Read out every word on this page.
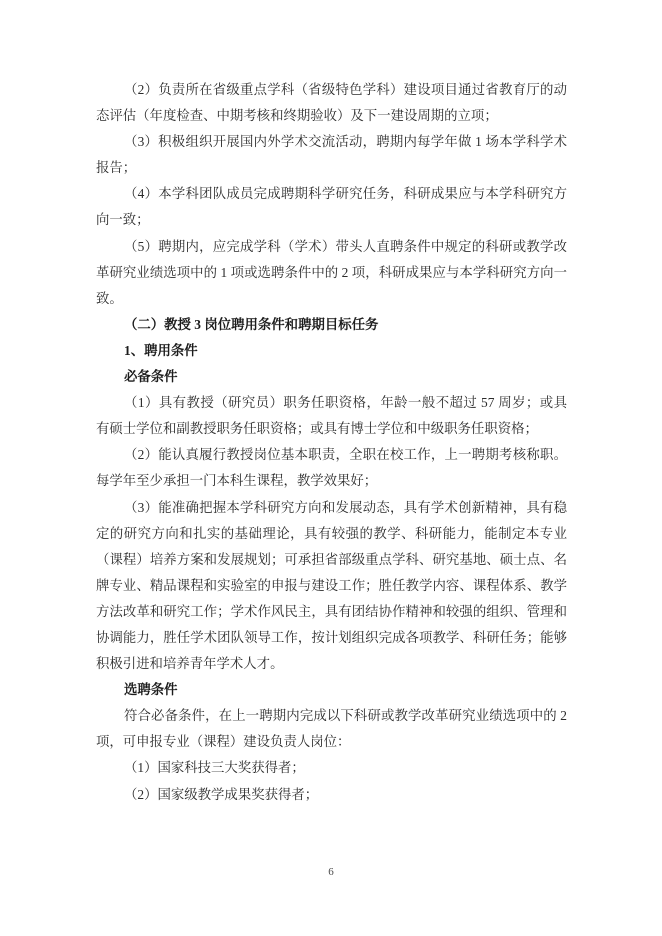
（2）负责所在省级重点学科（省级特色学科）建设项目通过省教育厅的动
态评估（年度检查、中期考核和终期验收）及下一建设周期的立项；
（3）积极组织开展国内外学术交流活动，聘期内每学年做 1 场本学科学术
报告；
（4）本学科团队成员完成聘期科学研究任务，科研成果应与本学科研究方
向一致；
（5）聘期内，应完成学科（学术）带头人直聘条件中规定的科研或教学改
革研究业绩选项中的 1 项或选聘条件中的 2 项，科研成果应与本学科研究方向一
致。
（二）教授 3 岗位聘用条件和聘期目标任务
1、聘用条件
必备条件
（1）具有教授（研究员）职务任职资格，年龄一般不超过 57 周岁；或具
有硕士学位和副教授职务任职资格；或具有博士学位和中级职务任职资格；
（2）能认真履行教授岗位基本职责，全职在校工作，上一聘期考核称职。
每学年至少承担一门本科生课程，教学效果好；
（3）能准确把握本学科研究方向和发展动态，具有学术创新精神，具有稳
定的研究方向和扎实的基础理论，具有较强的教学、科研能力，能制定本专业
（课程）培养方案和发展规划；可承担省部级重点学科、研究基地、硕士点、名
牌专业、精品课程和实验室的申报与建设工作；胜任教学内容、课程体系、教学
方法改革和研究工作；学术作风民主，具有团结协作精神和较强的组织、管理和
协调能力，胜任学术团队领导工作，按计划组织完成各项教学、科研任务；能够
积极引进和培养青年学术人才。
选聘条件
符合必备条件，在上一聘期内完成以下科研或教学改革研究业绩选项中的 2
项，可申报专业（课程）建设负责人岗位：
（1）国家科技三大奖获得者；
（2）国家级教学成果奖获得者；
6
